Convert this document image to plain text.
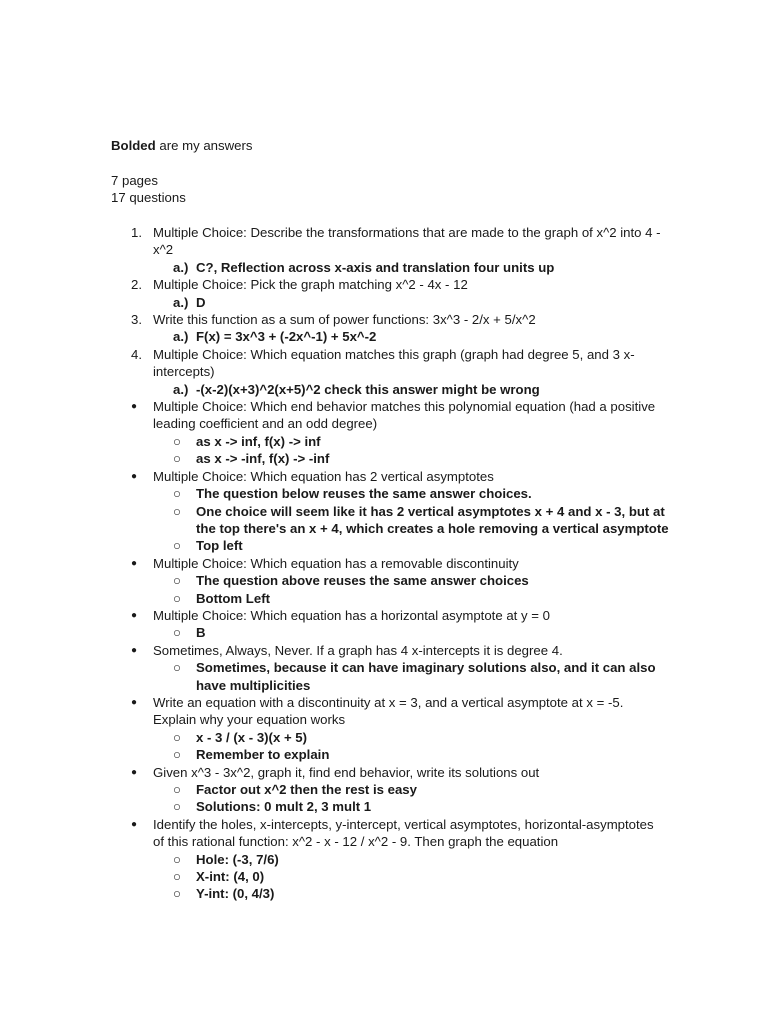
Bolded are my answers

7 pages

17 questions

1. Multiple Choice: Describe the transformations that are made to the graph of x^2 into 4 - x^2
a.) C?, Reflection across x-axis and translation four units up
2. Multiple Choice: Pick the graph matching x^2 - 4x - 12
a.) D
3. Write this function as a sum of power functions: 3x^3 - 2/x + 5/x^2
a.) F(x) = 3x^3 + (-2x^-1) + 5x^-2
4. Multiple Choice: Which equation matches this graph (graph had degree 5, and 3 x-intercepts)
a.) -(x-2)(x+3)^2(x+5)^2 check this answer might be wrong
●	Multiple Choice: Which end behavior matches this polynomial equation (had a positive leading coefficient and an odd degree)
○	as x -> inf, f(x) -> inf
○	as x -> -inf, f(x) -> -inf
●	Multiple Choice: Which equation has 2 vertical asymptotes
○	The question below reuses the same answer choices.
○	One choice will seem like it has 2 vertical asymptotes x + 4 and x - 3, but at the top there's an x + 4, which creates a hole removing a vertical asymptote
○	Top left
●	Multiple Choice: Which equation has a removable discontinuity
○	The question above reuses the same answer choices
○	Bottom Left
●	Multiple Choice: Which equation has a horizontal asymptote at y = 0
○	B
●	Sometimes, Always, Never. If a graph has 4 x-intercepts it is degree 4.
○	Sometimes, because it can have imaginary solutions also, and it can also have multiplicities
●	Write an equation with a discontinuity at x = 3, and a vertical asymptote at x = -5. Explain why your equation works
○	x - 3 / (x - 3)(x + 5)
○	Remember to explain
●	Given x^3 - 3x^2, graph it, find end behavior, write its solutions out
○	Factor out x^2 then the rest is easy
○	Solutions: 0 mult 2, 3 mult 1
●	Identify the holes, x-intercepts, y-intercept, vertical asymptotes, horizontal-asymptotes of this rational function: x^2 - x - 12 / x^2 - 9. Then graph the equation
○	Hole: (-3, 7/6)
○	X-int: (4, 0)
○	Y-int: (0, 4/3)
